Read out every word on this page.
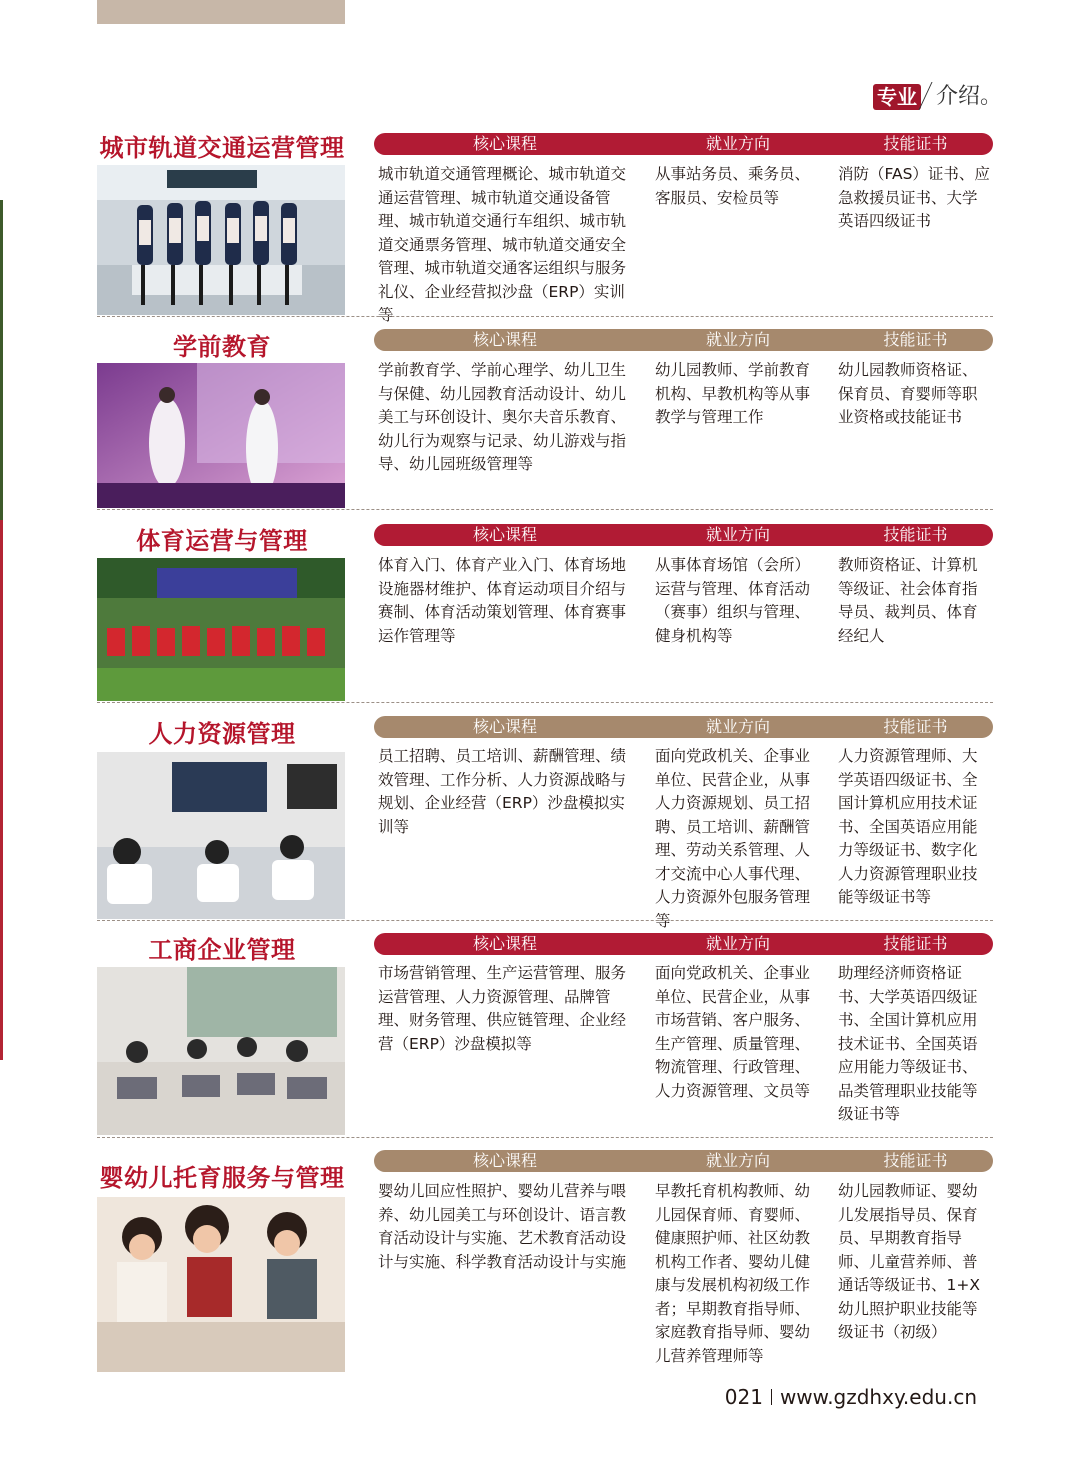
专业 介绍。
城市轨道交通运营管理	核心课程	就业方向	技能证书
城市轨道交通管理概论、城市轨道交通运营管理、城市轨道交通设备管理、城市轨道交通行车组织、城市轨道交通票务管理、城市轨道交通安全管理、城市轨道交通客运组织与服务礼仪、企业经营拟沙盘（ERP）实训等
从事站务员、乘务员、客服员、安检员等
消防（FAS）证书、应急救援员证书、大学英语四级证书
学前教育	核心课程	就业方向	技能证书
学前教育学、学前心理学、幼儿卫生与保健、幼儿园教育活动设计、幼儿美工与环创设计、奥尔夫音乐教育、幼儿行为观察与记录、幼儿游戏与指导、幼儿园班级管理等
幼儿园教师、学前教育机构、早教机构等从事教学与管理工作
幼儿园教师资格证、保育员、育婴师等职业资格或技能证书
体育运营与管理	核心课程	就业方向	技能证书
体育入门、体育产业入门、体育场地设施器材维护、体育运动项目介绍与赛制、体育活动策划管理、体育赛事运作管理等
从事体育场馆（会所）运营与管理、体育活动（赛事）组织与管理、健身机构等
教师资格证、计算机等级证、社会体育指导员、裁判员、体育经纪人
人力资源管理	核心课程	就业方向	技能证书
员工招聘、员工培训、薪酬管理、绩效管理、工作分析、人力资源战略与规划、企业经营（ERP）沙盘模拟实训等
面向党政机关、企事业单位、民营企业，从事人力资源规划、员工招聘、员工培训、薪酬管理、劳动关系管理、人才交流中心人事代理、人力资源外包服务管理等
人力资源管理师、大学英语四级证书、全国计算机应用技术证书、全国英语应用能力等级证书、数字化人力资源管理职业技能等级证书等
工商企业管理	核心课程	就业方向	技能证书
市场营销管理、生产运营管理、服务运营管理、人力资源管理、品牌管理、财务管理、供应链管理、企业经营（ERP）沙盘模拟等
面向党政机关、企事业单位、民营企业，从事市场营销、客户服务、生产管理、质量管理、物流管理、行政管理、人力资源管理、文员等
助理经济师资格证书、大学英语四级证书、全国计算机应用技术证书、全国英语应用能力等级证书、品类管理职业技能等级证书等
婴幼儿托育服务与管理
核心课程	就业方向	技能证书
婴幼儿回应性照护、婴幼儿营养与喂养、幼儿园美工与环创设计、语言教育活动设计与实施、艺术教育活动设计与实施、科学教育活动设计与实施
早教托育机构教师、幼儿园保育师、育婴师、健康照护师、社区幼教机构工作者、婴幼儿健康与发展机构初级工作者；早期教育指导师、家庭教育指导师、婴幼儿营养管理师等
幼儿园教师证、婴幼儿发展指导员、保育员、早期教育指导师、儿童营养师、普通话等级证书、1+X幼儿照护职业技能等级证书（初级）
021 www.gzdhxy.edu.cn
